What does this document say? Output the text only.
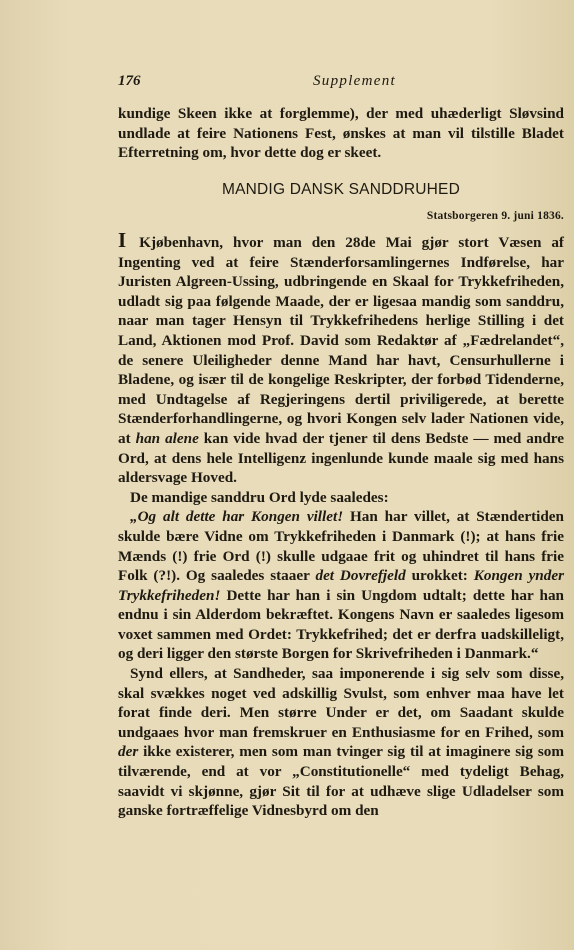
176	Supplement

kundige Skeen ikke at forglemme), der med uhæderligt Sløvsind undlade at feire Nationens Fest, ønskes at man vil tilstille Bladet Efterretning om, hvor dette dog er skeet.

MANDIG DANSK SANDDRUHED
Statsborgeren 9. juni 1836.

I Kjøbenhavn, hvor man den 28de Mai gjør stort Væsen af Ingenting ved at feire Stænderforsamlingernes Indførelse, har Juristen Algreen-Ussing, udbringende en Skaal for Trykkefriheden, udladt sig paa følgende Maade, der er ligesaa mandig som sanddru, naar man tager Hensyn til Trykkefrihedens herlige Stilling i det Land, Aktionen mod Prof. David som Redaktør af „Fædrelandet“, de senere Uleiligheder denne Mand har havt, Censurhullerne i Bladene, og især til de kongelige Reskripter, der forbød Tidenderne, med Undtagelse af Regjeringens dertil priviligerede, at berette Stænderforhandlingerne, og hvori Kongen selv lader Nationen vide, at han alene kan vide hvad der tjener til dens Bedste — med andre Ord, at dens hele Intelligenz ingenlunde kunde maale sig med hans aldersvage Hoved.

De mandige sanddru Ord lyde saaledes:

„Og alt dette har Kongen villet! Han har villet, at Stændertiden skulde bære Vidne om Trykkefriheden i Danmark (!); at hans frie Mænds (!) frie Ord (!) skulle udgaae frit og uhindret til hans frie Folk (?!). Og saaledes staaer det Dovrefjeld urokket: Kongen ynder Trykkefriheden! Dette har han i sin Ungdom udtalt; dette har han endnu i sin Alderdom bekræftet. Kongens Navn er saaledes ligesom voxet sammen med Ordet: Trykkefrihed; det er derfra uadskilleligt, og deri ligger den største Borgen for Skrivefriheden i Danmark.“

Synd ellers, at Sandheder, saa imponerende i sig selv som disse, skal svækkes noget ved adskillig Svulst, som enhver maa have let forat finde deri. Men større Under er det, om Saadant skulde undgaaes hvor man fremskruer en Enthusiasme for en Frihed, som der ikke existerer, men som man tvinger sig til at imaginere sig som tilværende, end at vor „Constitutionelle“ med tydeligt Behag, saavidt vi skjønne, gjør Sit til for at udhæve slige Udladelser som ganske fortræffelige Vidnesbyrd om den
